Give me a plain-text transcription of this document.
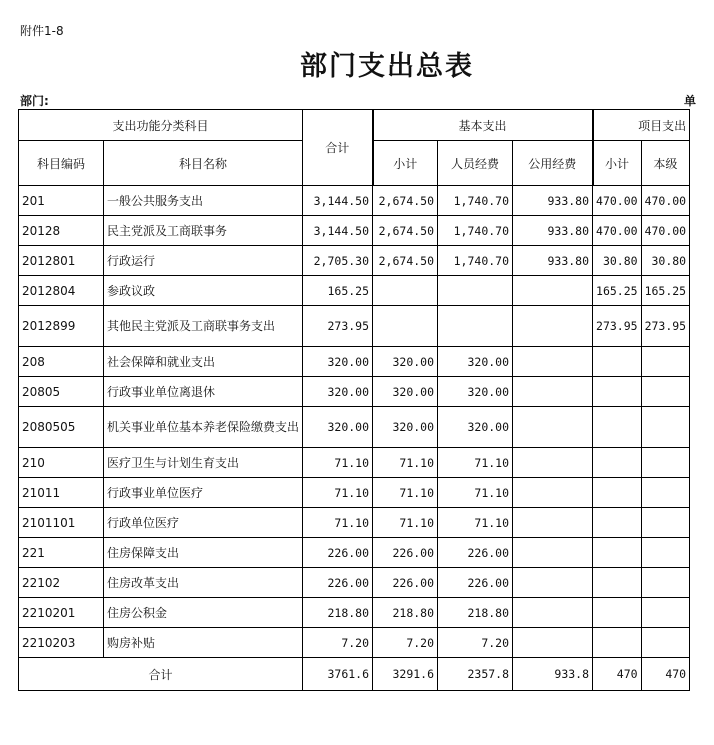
附件1-8
部门支出总表
部门:	单
支出功能分类科目		合计	基本支出			项目支出	
科目编码	科目名称		小计	人员经费	公用经费	小计	本级
201	一般公共服务支出	3,144.50	2,674.50	1,740.70	933.80	470.00	470.00
20128	民主党派及工商联事务	3,144.50	2,674.50	1,740.70	933.80	470.00	470.00
2012801	行政运行	2,705.30	2,674.50	1,740.70	933.80	30.80	30.80
2012804	参政议政	165.25				165.25	165.25
2012899	其他民主党派及工商联事务支出	273.95				273.95	273.95
208	社会保障和就业支出	320.00	320.00	320.00			
20805	行政事业单位离退休	320.00	320.00	320.00			
2080505	机关事业单位基本养老保险缴费支出	320.00	320.00	320.00			
210	医疗卫生与计划生育支出	71.10	71.10	71.10			
21011	行政事业单位医疗	71.10	71.10	71.10			
2101101	行政单位医疗	71.10	71.10	71.10			
221	住房保障支出	226.00	226.00	226.00			
22102	住房改革支出	226.00	226.00	226.00			
2210201	住房公积金	218.80	218.80	218.80			
2210203	购房补贴	7.20	7.20	7.20			
合计		3761.6	3291.6	2357.8	933.8	470	470
